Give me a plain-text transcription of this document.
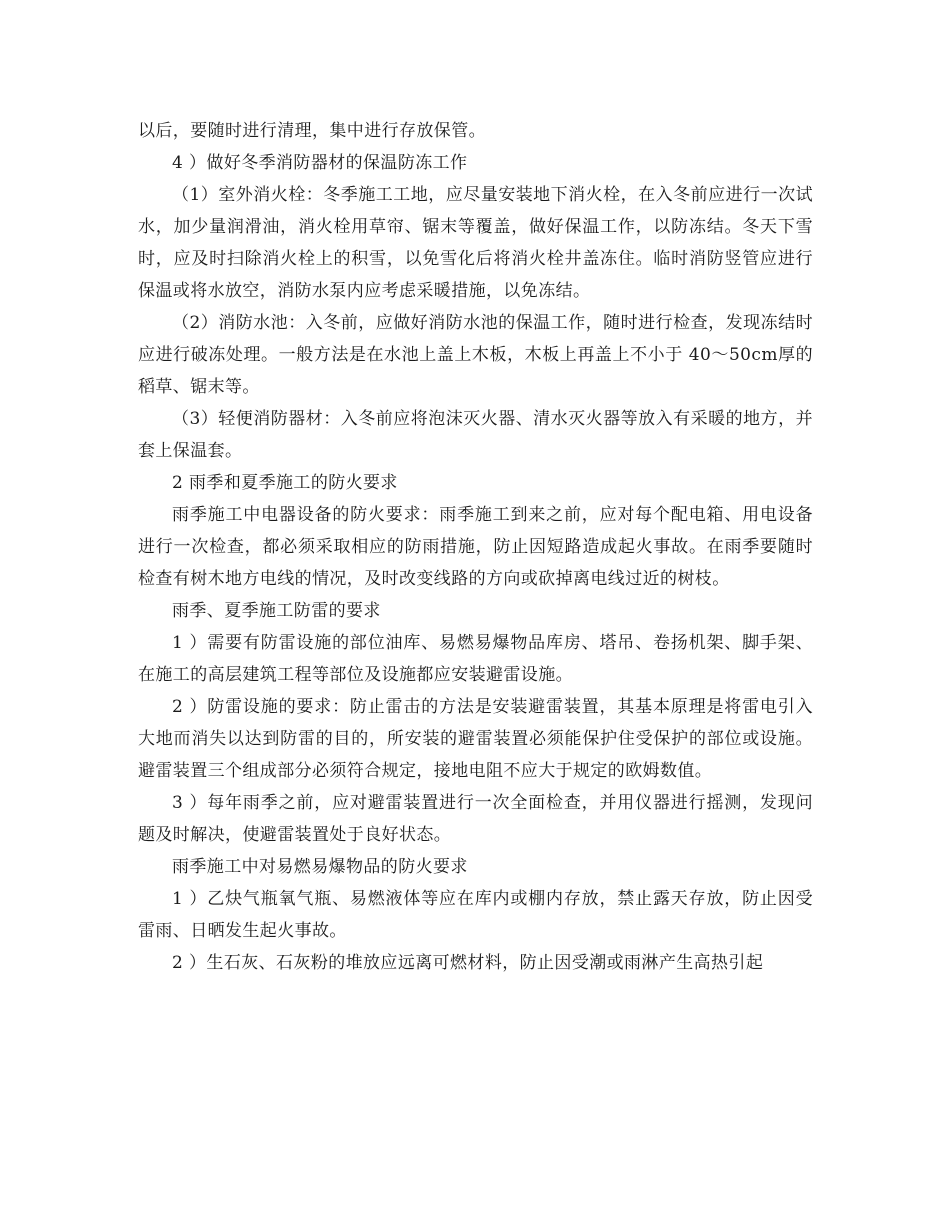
以后，要随时进行清理，集中进行存放保管。

4 ）做好冬季消防器材的保温防冻工作

（1）室外消火栓：冬季施工工地，应尽量安装地下消火栓，在入冬前应进行一次试水，加少量润滑油，消火栓用草帘、锯末等覆盖，做好保温工作，以防冻结。冬天下雪时，应及时扫除消火栓上的积雪，以免雪化后将消火栓井盖冻住。临时消防竖管应进行保温或将水放空，消防水泵内应考虑采暖措施，以免冻结。

（2）消防水池：入冬前，应做好消防水池的保温工作，随时进行检查，发现冻结时应进行破冻处理。一般方法是在水池上盖上木板，木板上再盖上不小于 40～50cm厚的稻草、锯末等。

（3）轻便消防器材：入冬前应将泡沫灭火器、清水灭火器等放入有采暖的地方，并套上保温套。

2 雨季和夏季施工的防火要求

雨季施工中电器设备的防火要求：雨季施工到来之前，应对每个配电箱、用电设备进行一次检查，都必须采取相应的防雨措施，防止因短路造成起火事故。在雨季要随时检查有树木地方电线的情况，及时改变线路的方向或砍掉离电线过近的树枝。

雨季、夏季施工防雷的要求

1 ）需要有防雷设施的部位油库、易燃易爆物品库房、塔吊、卷扬机架、脚手架、在施工的高层建筑工程等部位及设施都应安装避雷设施。

2 ）防雷设施的要求：防止雷击的方法是安装避雷装置，其基本原理是将雷电引入大地而消失以达到防雷的目的，所安装的避雷装置必须能保护住受保护的部位或设施。避雷装置三个组成部分必须符合规定，接地电阻不应大于规定的欧姆数值。

3 ）每年雨季之前，应对避雷装置进行一次全面检查，并用仪器进行摇测，发现问题及时解决，使避雷装置处于良好状态。

雨季施工中对易燃易爆物品的防火要求

1 ）乙炔气瓶氧气瓶、易燃液体等应在库内或棚内存放，禁止露天存放，防止因受雷雨、日晒发生起火事故。

2 ）生石灰、石灰粉的堆放应远离可燃材料，防止因受潮或雨淋产生高热引起
